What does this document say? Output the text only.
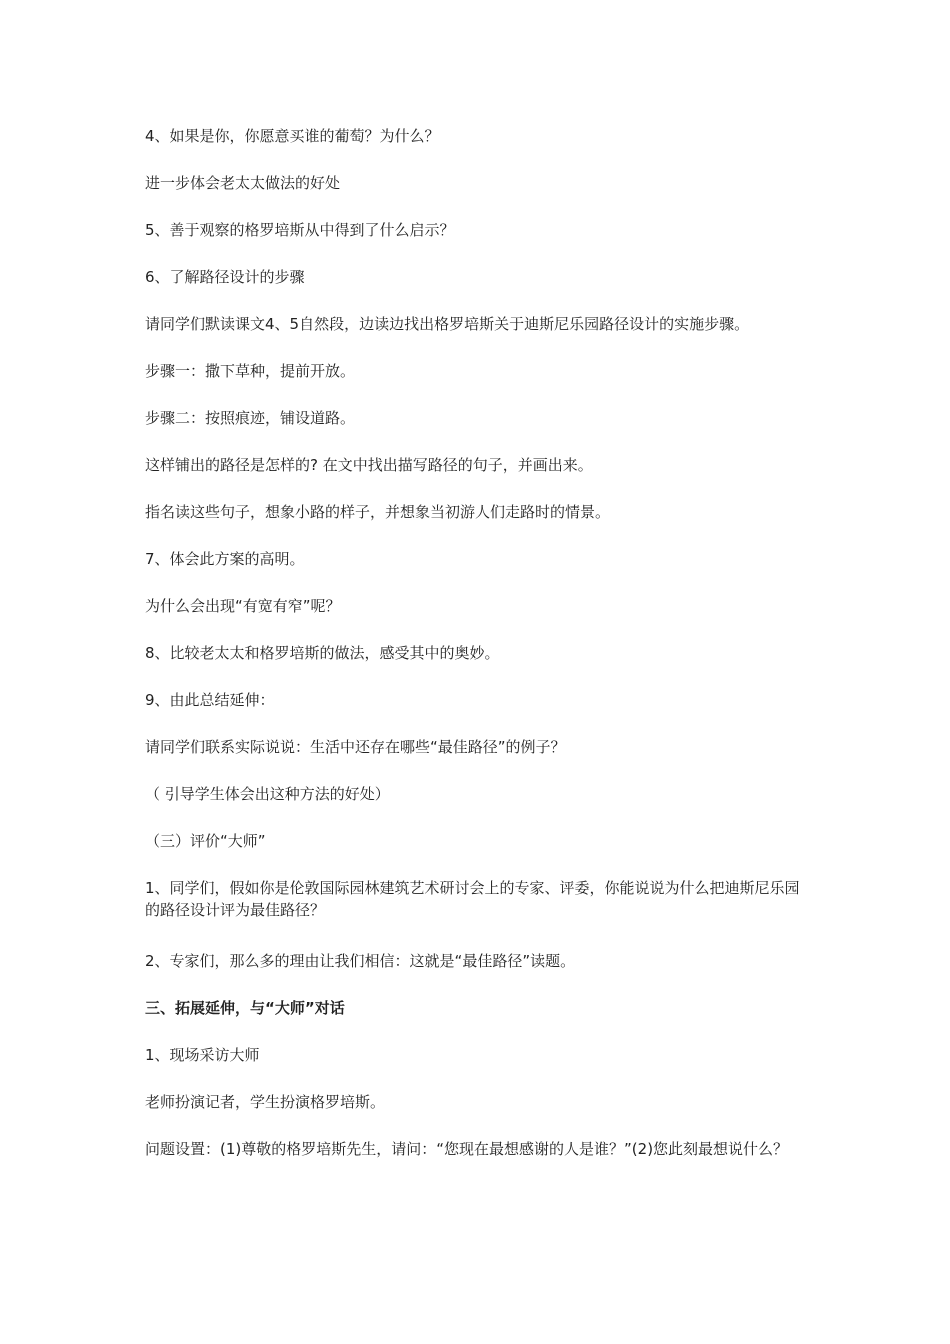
4、如果是你，你愿意买谁的葡萄？为什么？

进一步体会老太太做法的好处

5、善于观察的格罗培斯从中得到了什么启示？

6、了解路径设计的步骤

请同学们默读课文4、5自然段，边读边找出格罗培斯关于迪斯尼乐园路径设计的实施步骤。

步骤一：撒下草种，提前开放。

步骤二：按照痕迹，铺设道路。

这样铺出的路径是怎样的? 在文中找出描写路径的句子，并画出来。

指名读这些句子，想象小路的样子，并想象当初游人们走路时的情景。

7、体会此方案的高明。

为什么会出现“有宽有窄”呢？

8、比较老太太和格罗培斯的做法，感受其中的奥妙。

9、由此总结延伸：

请同学们联系实际说说：生活中还存在哪些“最佳路径”的例子？

（ 引导学生体会出这种方法的好处）

（三）评价“大师”

1、同学们，假如你是伦敦国际园林建筑艺术研讨会上的专家、评委，你能说说为什么把迪斯尼乐园的路径设计评为最佳路径？

2、专家们，那么多的理由让我们相信：这就是“最佳路径”读题。

三、拓展延伸，与“大师”对话

1、现场采访大师

老师扮演记者，学生扮演格罗培斯。

问题设置：(1)尊敬的格罗培斯先生，请问：“您现在最想感谢的人是谁？”(2)您此刻最想说什么？
